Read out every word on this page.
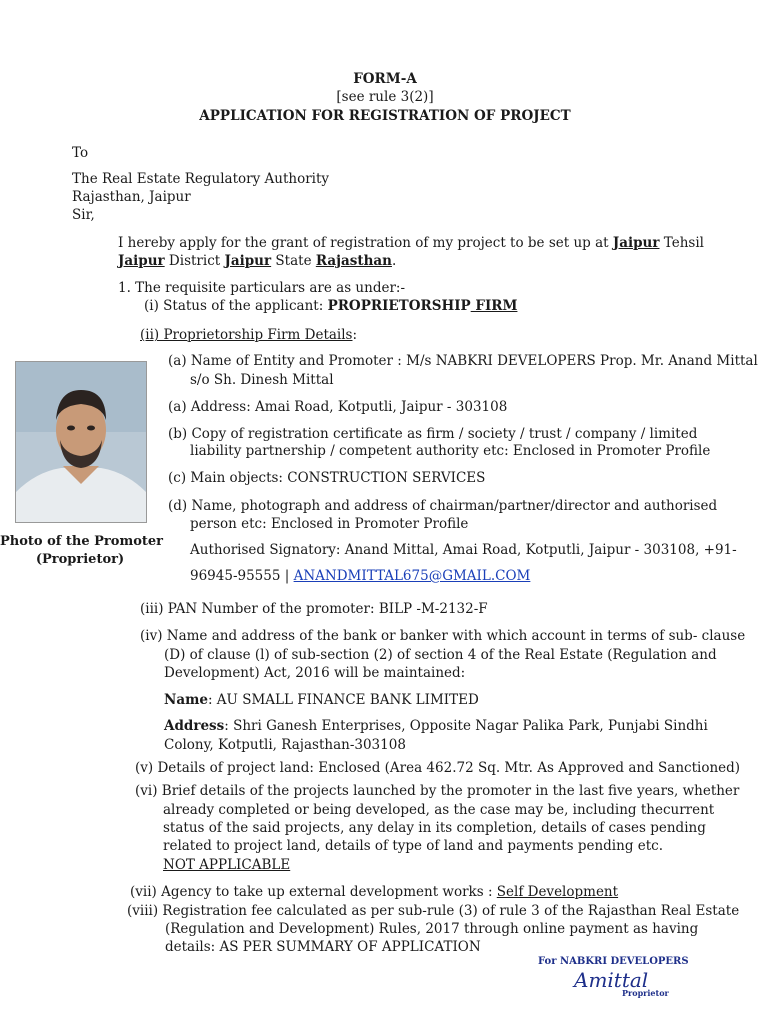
FORM-A
[see rule 3(2)]
APPLICATION FOR REGISTRATION OF PROJECT
To
The Real Estate Regulatory Authority
Rajasthan, Jaipur
Sir,
I hereby apply for the grant of registration of my project to be set up at Jaipur Tehsil Jaipur District Jaipur State Rajasthan.
1. The requisite particulars are as under:-
(i) Status of the applicant: PROPRIETORSHIP FIRM
(ii) Proprietorship Firm Details:
(a) Name of Entity and Promoter : M/s NABKRI DEVELOPERS Prop. Mr. Anand Mittal
s/o Sh. Dinesh Mittal
(a) Address: Amai Road, Kotputli, Jaipur - 303108
(b) Copy of registration certificate as firm / society / trust / company / limited
liability partnership / competent authority etc: Enclosed in Promoter Profile
(c) Main objects: CONSTRUCTION SERVICES
(d) Name, photograph and address of chairman/partner/director and authorised
person etc: Enclosed in Promoter Profile
Authorised Signatory: Anand Mittal, Amai Road, Kotputli, Jaipur - 303108, +91-
96945-95555 | ANANDMITTAL675@GMAIL.COM
Photo of the Promoter
(Proprietor)
(iii) PAN Number of the promoter: BILP -M-2132-F
(iv) Name and address of the bank or banker with which account in terms of sub- clause
(D) of clause (l) of sub-section (2) of section 4 of the Real Estate (Regulation and
Development) Act, 2016 will be maintained:
Name: AU SMALL FINANCE BANK LIMITED
Address: Shri Ganesh Enterprises, Opposite Nagar Palika Park, Punjabi Sindhi
Colony, Kotputli, Rajasthan-303108
(v) Details of project land: Enclosed (Area 462.72 Sq. Mtr. As Approved and Sanctioned)
(vi) Brief details of the projects launched by the promoter in the last five years, whether
already completed or being developed, as the case may be, including thecurrent
status of the said projects, any delay in its completion, details of cases pending
related to project land, details of type of land and payments pending etc.
NOT APPLICABLE
(vii) Agency to take up external development works : Self Development
(viii) Registration fee calculated as per sub-rule (3) of rule 3 of the Rajasthan Real Estate
(Regulation and Development) Rules, 2017 through online payment as having
details: AS PER SUMMARY OF APPLICATION
For NABKRI DEVELOPERS
Amittal
Proprietor
